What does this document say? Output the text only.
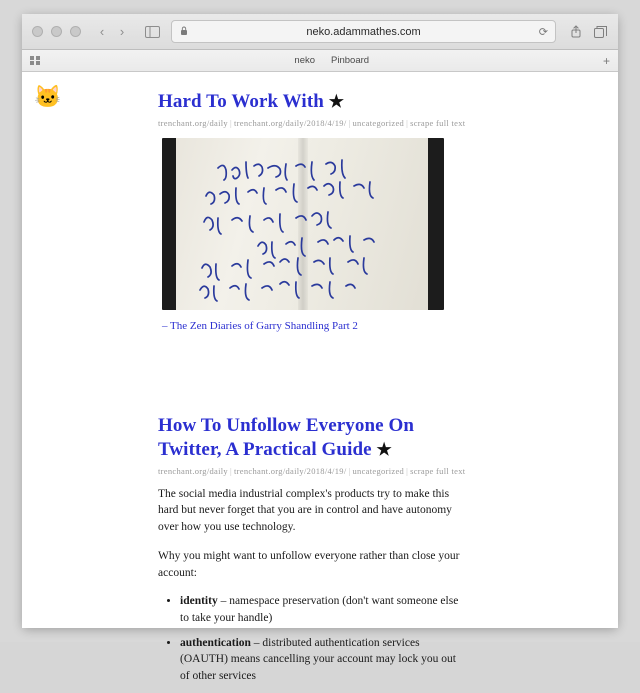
‹	›	neko.adammathes.com	⟳
neko Pinboard	+
🐱	Hard To Work With ★
trenchant.org/daily | trenchant.org/daily/2018/4/19/ | uncategorized | scrape full text
– The Zen Diaries of Garry Shandling Part 2
How To Unfollow Everyone On Twitter, A Practical Guide ★
trenchant.org/daily | trenchant.org/daily/2018/4/19/ | uncategorized | scrape full text

The social media industrial complex's products try to make this hard but never forget that you are in control and have autonomy over how you use technology.

Why you might want to unfollow everyone rather than close your account:

• identity – namespace preservation (don't want someone else to take your handle)
• authentication – distributed authentication services (OAUTH) means cancelling your account may lock you out of other services
